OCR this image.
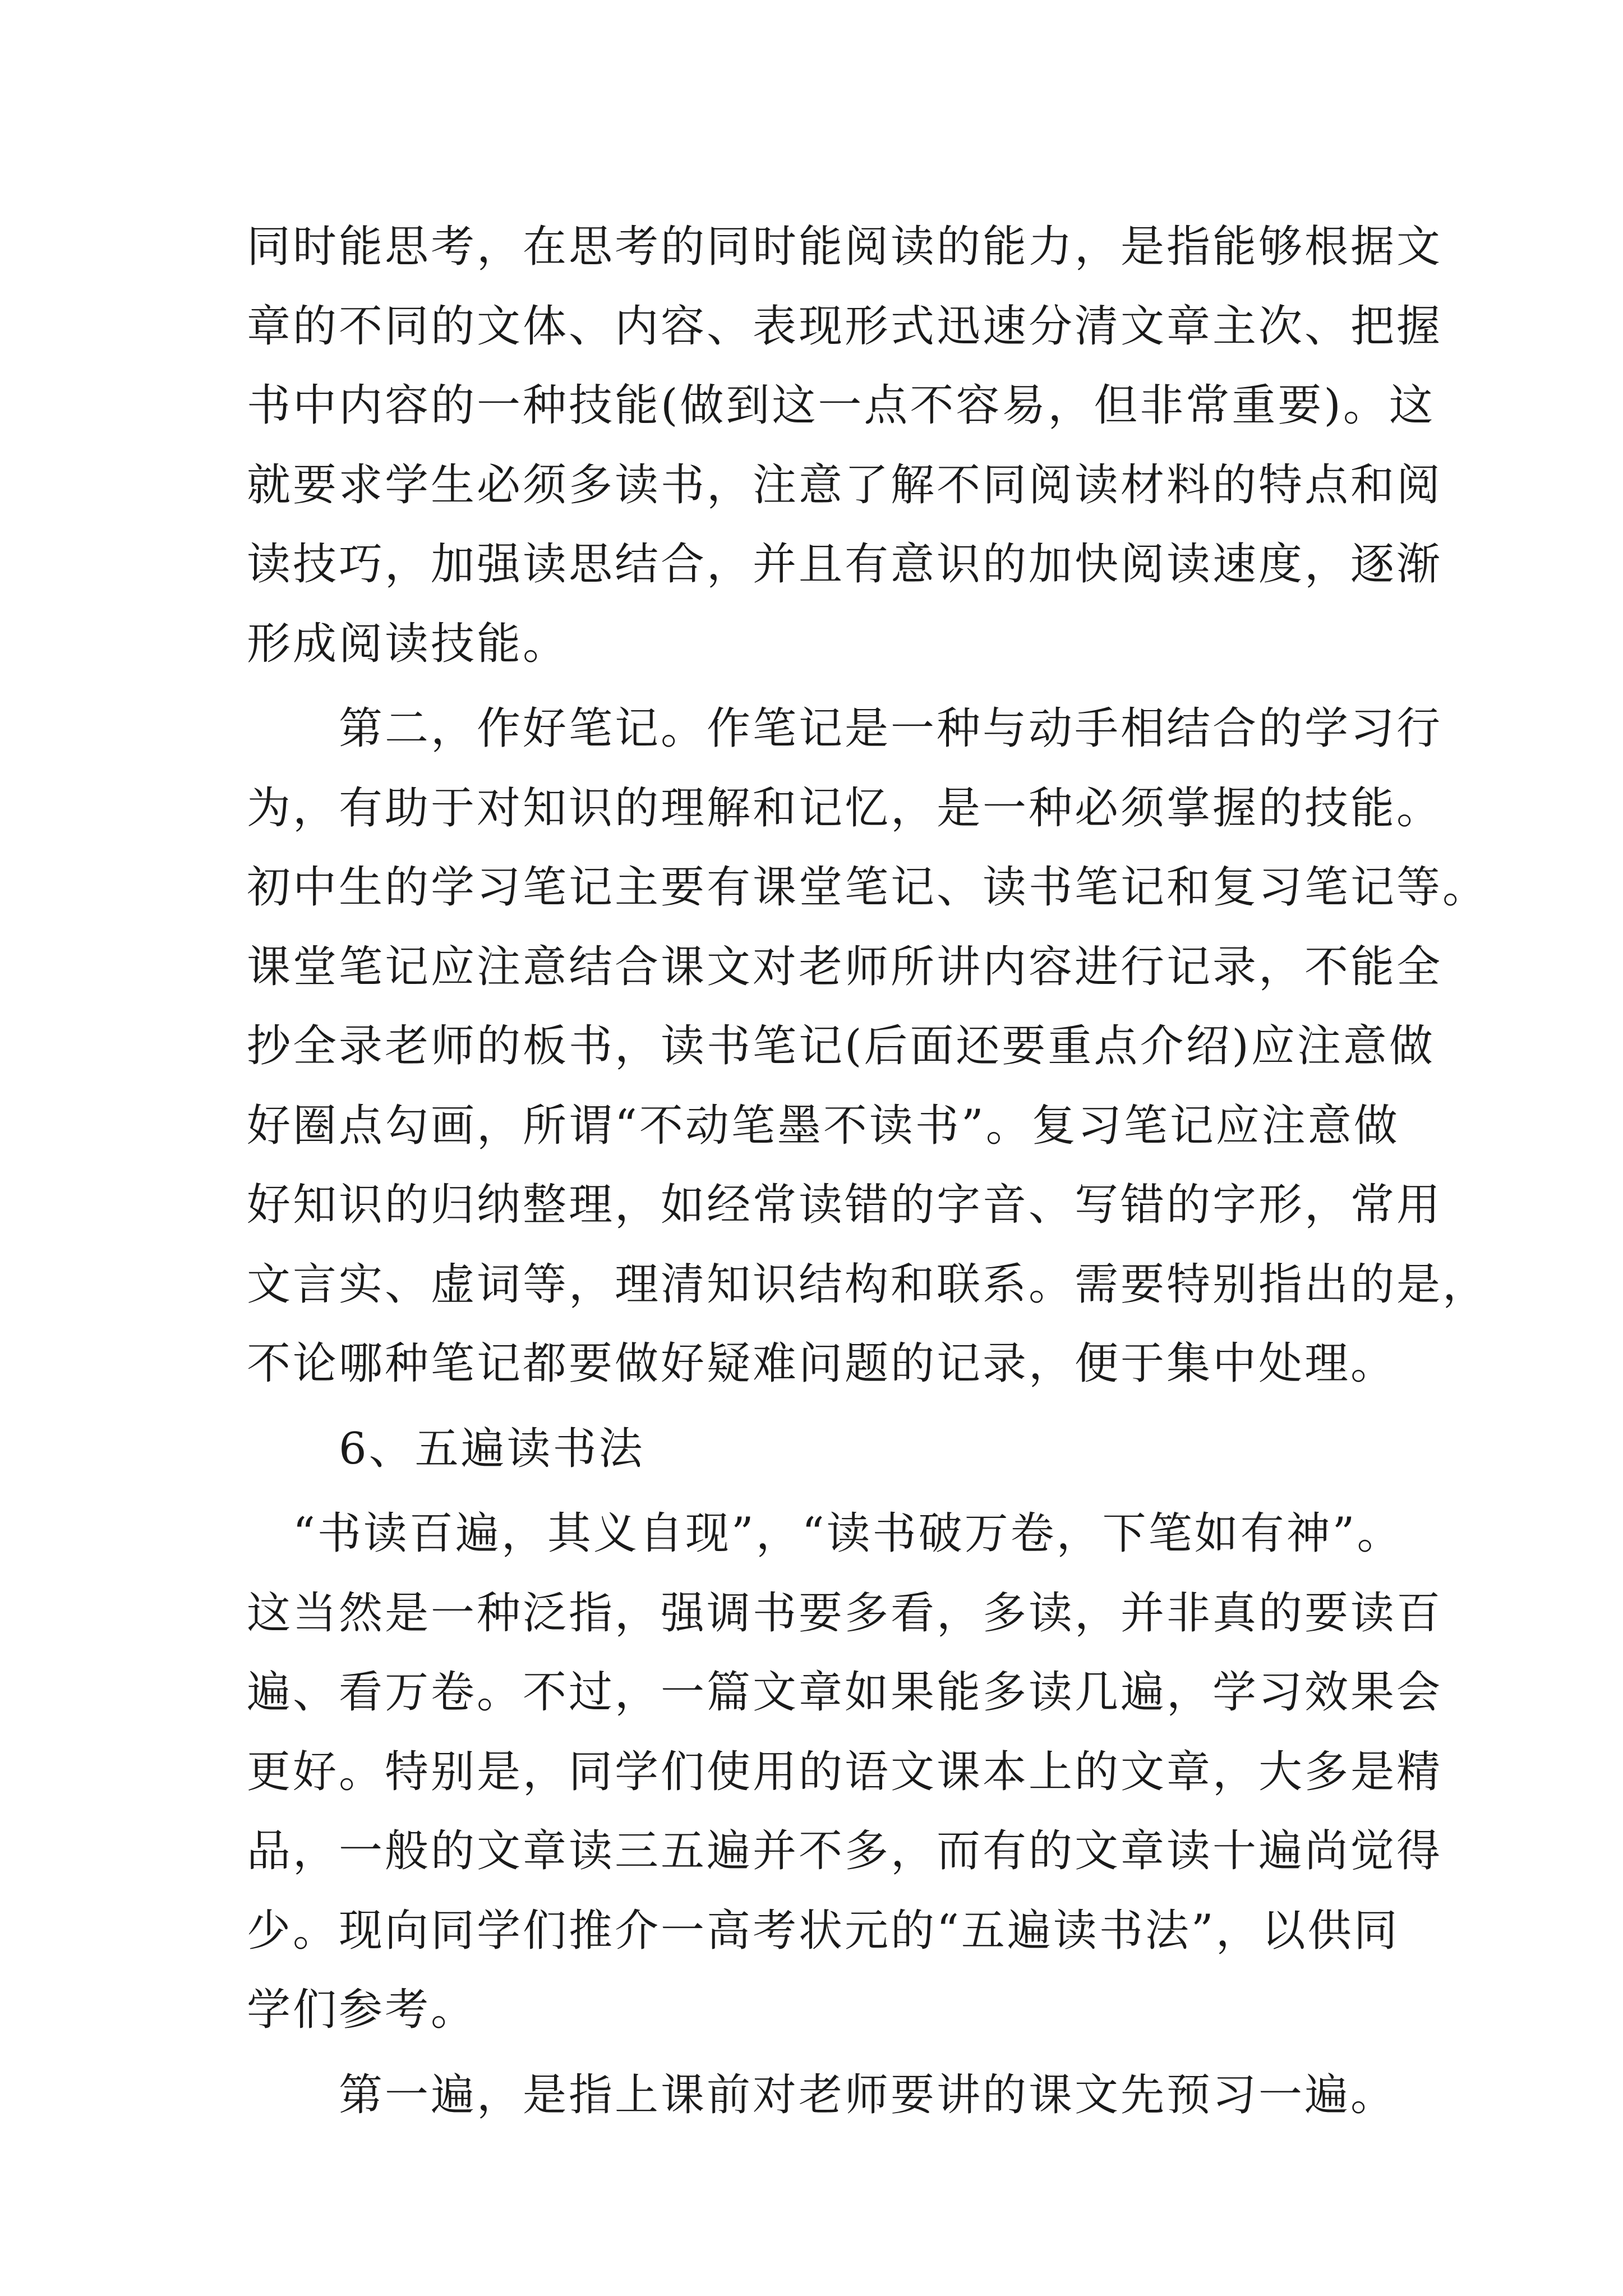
同时能思考，在思考的同时能阅读的能力，是指能够根据文
章的不同的文体、内容、表现形式迅速分清文章主次、把握
书中内容的一种技能(做到这一点不容易，但非常重要)。这
就要求学生必须多读书，注意了解不同阅读材料的特点和阅
读技巧，加强读思结合，并且有意识的加快阅读速度，逐渐
形成阅读技能。
　　第二，作好笔记。作笔记是一种与动手相结合的学习行
为，有助于对知识的理解和记忆，是一种必须掌握的技能。
初中生的学习笔记主要有课堂笔记、读书笔记和复习笔记等。
课堂笔记应注意结合课文对老师所讲内容进行记录，不能全
抄全录老师的板书，读书笔记(后面还要重点介绍)应注意做
好圈点勾画，所谓“不动笔墨不读书”。复习笔记应注意做
好知识的归纳整理，如经常读错的字音、写错的字形，常用
文言实、虚词等，理清知识结构和联系。需要特别指出的是，
不论哪种笔记都要做好疑难问题的记录，便于集中处理。
　　6、五遍读书法
　“书读百遍，其义自现”，“读书破万卷，下笔如有神”。
这当然是一种泛指，强调书要多看，多读，并非真的要读百
遍、看万卷。不过，一篇文章如果能多读几遍，学习效果会
更好。特别是，同学们使用的语文课本上的文章，大多是精
品，一般的文章读三五遍并不多，而有的文章读十遍尚觉得
少。现向同学们推介一高考状元的“五遍读书法”，以供同
学们参考。
　　第一遍，是指上课前对老师要讲的课文先预习一遍。
